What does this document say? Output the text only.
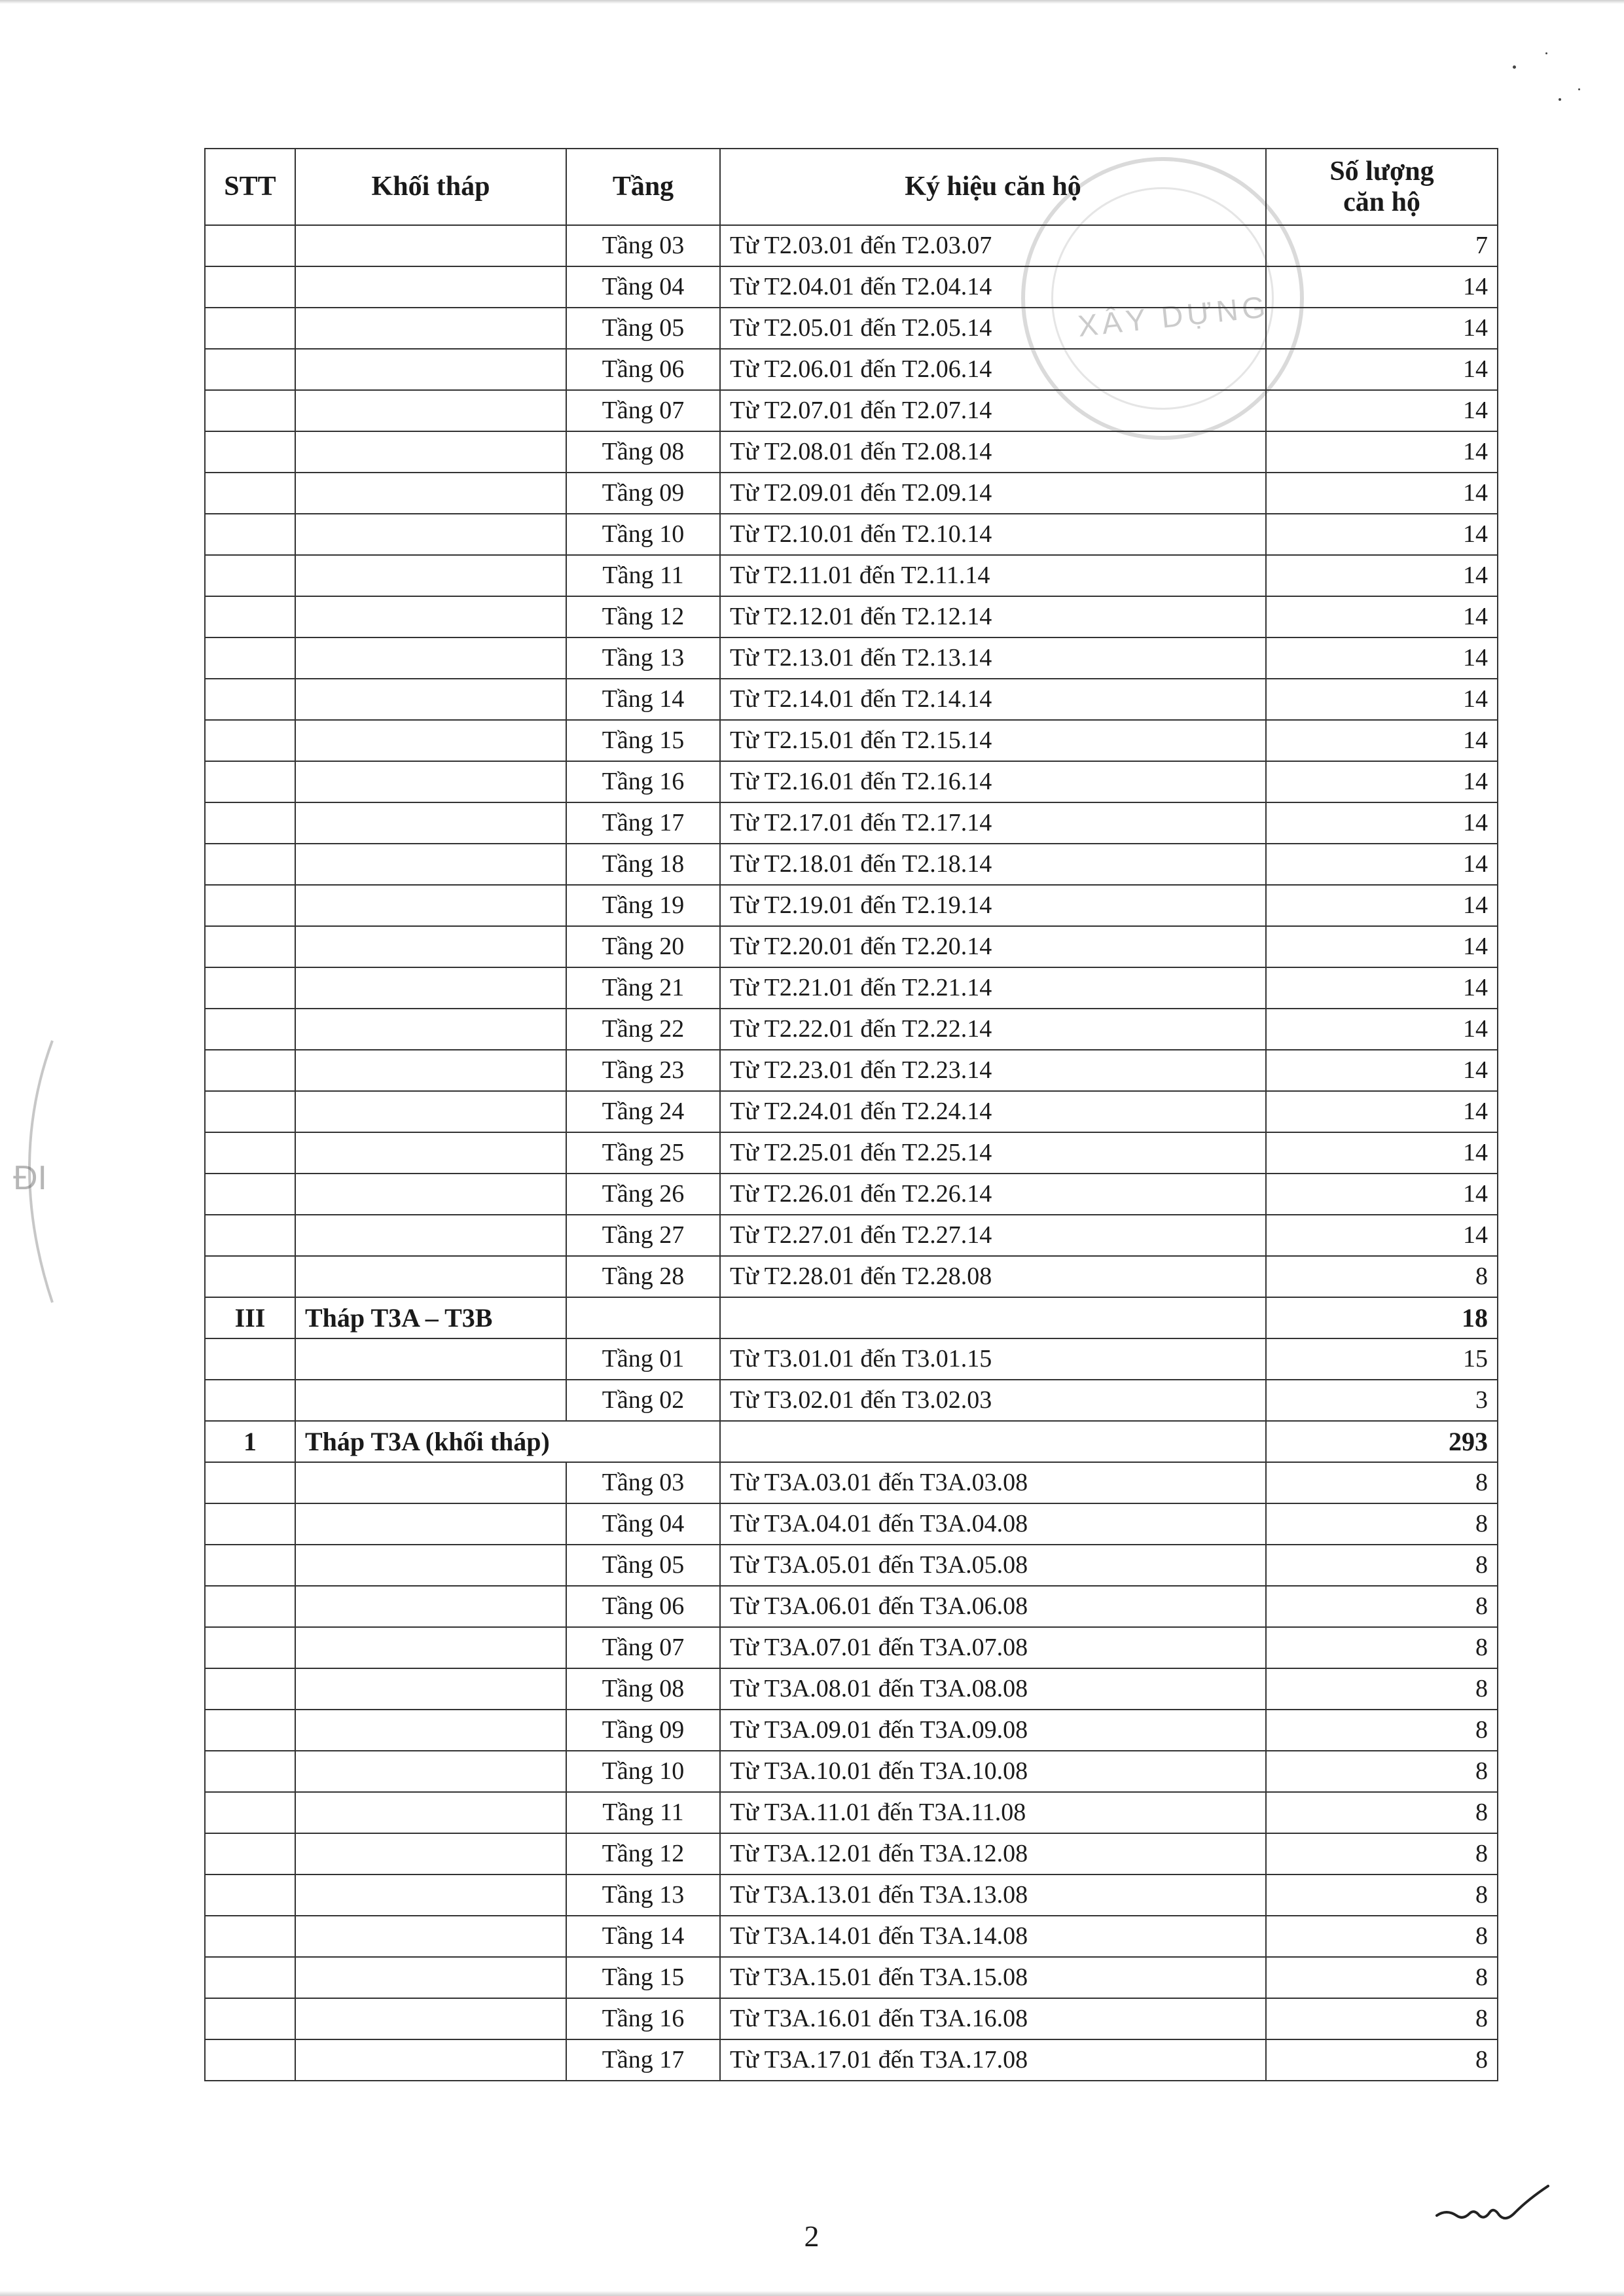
XÂY DỰNG
ĐI
STT	Khối tháp	Tầng	Ký hiệu căn hộ	Số lượng
căn hộ

		Tầng 03	Từ T2.03.01 đến T2.03.07	7
		Tầng 04	Từ T2.04.01 đến T2.04.14	14
		Tầng 05	Từ T2.05.01 đến T2.05.14	14
		Tầng 06	Từ T2.06.01 đến T2.06.14	14
		Tầng 07	Từ T2.07.01 đến T2.07.14	14
		Tầng 08	Từ T2.08.01 đến T2.08.14	14
		Tầng 09	Từ T2.09.01 đến T2.09.14	14
		Tầng 10	Từ T2.10.01 đến T2.10.14	14
		Tầng 11	Từ T2.11.01 đến T2.11.14	14
		Tầng 12	Từ T2.12.01 đến T2.12.14	14
		Tầng 13	Từ T2.13.01 đến T2.13.14	14
		Tầng 14	Từ T2.14.01 đến T2.14.14	14
		Tầng 15	Từ T2.15.01 đến T2.15.14	14
		Tầng 16	Từ T2.16.01 đến T2.16.14	14
		Tầng 17	Từ T2.17.01 đến T2.17.14	14
		Tầng 18	Từ T2.18.01 đến T2.18.14	14
		Tầng 19	Từ T2.19.01 đến T2.19.14	14
		Tầng 20	Từ T2.20.01 đến T2.20.14	14
		Tầng 21	Từ T2.21.01 đến T2.21.14	14
		Tầng 22	Từ T2.22.01 đến T2.22.14	14
		Tầng 23	Từ T2.23.01 đến T2.23.14	14
		Tầng 24	Từ T2.24.01 đến T2.24.14	14
		Tầng 25	Từ T2.25.01 đến T2.25.14	14
		Tầng 26	Từ T2.26.01 đến T2.26.14	14
		Tầng 27	Từ T2.27.01 đến T2.27.14	14
		Tầng 28	Từ T2.28.01 đến T2.28.08	8
III	Tháp T3A – T3B			18
		Tầng 01	Từ T3.01.01 đến T3.01.15	15
		Tầng 02	Từ T3.02.01 đến T3.02.03	3
1	Tháp T3A (khối tháp)			293
		Tầng 03	Từ T3A.03.01 đến T3A.03.08	8
		Tầng 04	Từ T3A.04.01 đến T3A.04.08	8
		Tầng 05	Từ T3A.05.01 đến T3A.05.08	8
		Tầng 06	Từ T3A.06.01 đến T3A.06.08	8
		Tầng 07	Từ T3A.07.01 đến T3A.07.08	8
		Tầng 08	Từ T3A.08.01 đến T3A.08.08	8
		Tầng 09	Từ T3A.09.01 đến T3A.09.08	8
		Tầng 10	Từ T3A.10.01 đến T3A.10.08	8
		Tầng 11	Từ T3A.11.01 đến T3A.11.08	8
		Tầng 12	Từ T3A.12.01 đến T3A.12.08	8
		Tầng 13	Từ T3A.13.01 đến T3A.13.08	8
		Tầng 14	Từ T3A.14.01 đến T3A.14.08	8
		Tầng 15	Từ T3A.15.01 đến T3A.15.08	8
		Tầng 16	Từ T3A.16.01 đến T3A.16.08	8
		Tầng 17	Từ T3A.17.01 đến T3A.17.08	8
2
